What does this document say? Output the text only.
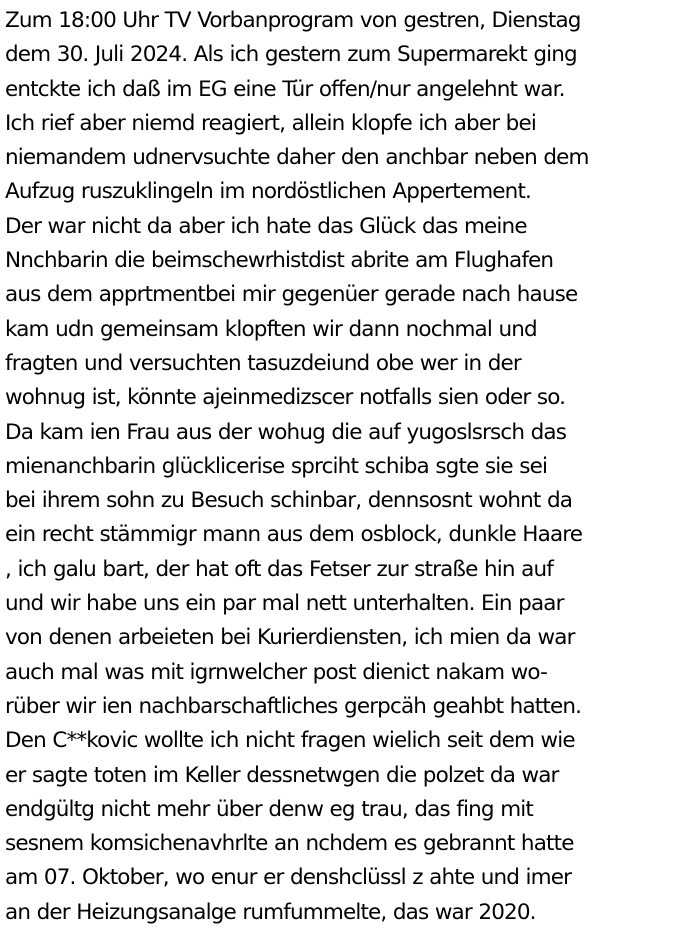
Zum 18:00 Uhr TV Vorbanprogram von gestren, Dienstag
dem 30. Juli 2024. Als ich gestern zum Supermarekt ging
entckte ich daß im EG eine Tür offen/nur angelehnt war.
Ich rief aber niemd reagiert, allein klopfe ich aber bei
niemandem udnervsuchte daher den anchbar neben dem
Aufzug ruszuklingeln im nordöstlichen Appertement.
Der war nicht da aber ich hate das Glück das meine
Nnchbarin die beimschewrhistdist abrite am Flughafen
aus dem apprtmentbei mir gegenüer gerade nach hause
kam udn gemeinsam klopften wir dann nochmal und
fragten und versuchten tasuzdeiund obe wer in der
wohnug ist, könnte ajeinmedizscer notfalls sien oder so.
Da kam ien Frau aus der wohug die auf yugoslsrsch das
mienanchbarin glücklicerise sprciht schiba sgte sie sei
bei ihrem sohn zu Besuch schinbar, dennsosnt wohnt da
ein recht stämmigr mann aus dem osblock, dunkle Haare
, ich galu bart, der hat oft das Fetser zur straße hin auf
und wir habe uns ein par mal nett unterhalten. Ein paar
von denen arbeieten bei Kurierdiensten, ich mien da war
auch mal was mit igrnwelcher post dienict nakam wo-
rüber wir ien nachbarschaftliches gerpcäh geahbt hatten.
Den C**kovic wollte ich nicht fragen wielich seit dem wie
er sagte toten im Keller dessnetwgen die polzet da war
endgültg nicht mehr über denw eg trau, das fing mit
sesnem komsichenavhrlte an nchdem es gebrannt hatte
am 07. Oktober, wo enur er denshclüssl z ahte und imer
an der Heizungsanalge rumfummelte, das war 2020.
